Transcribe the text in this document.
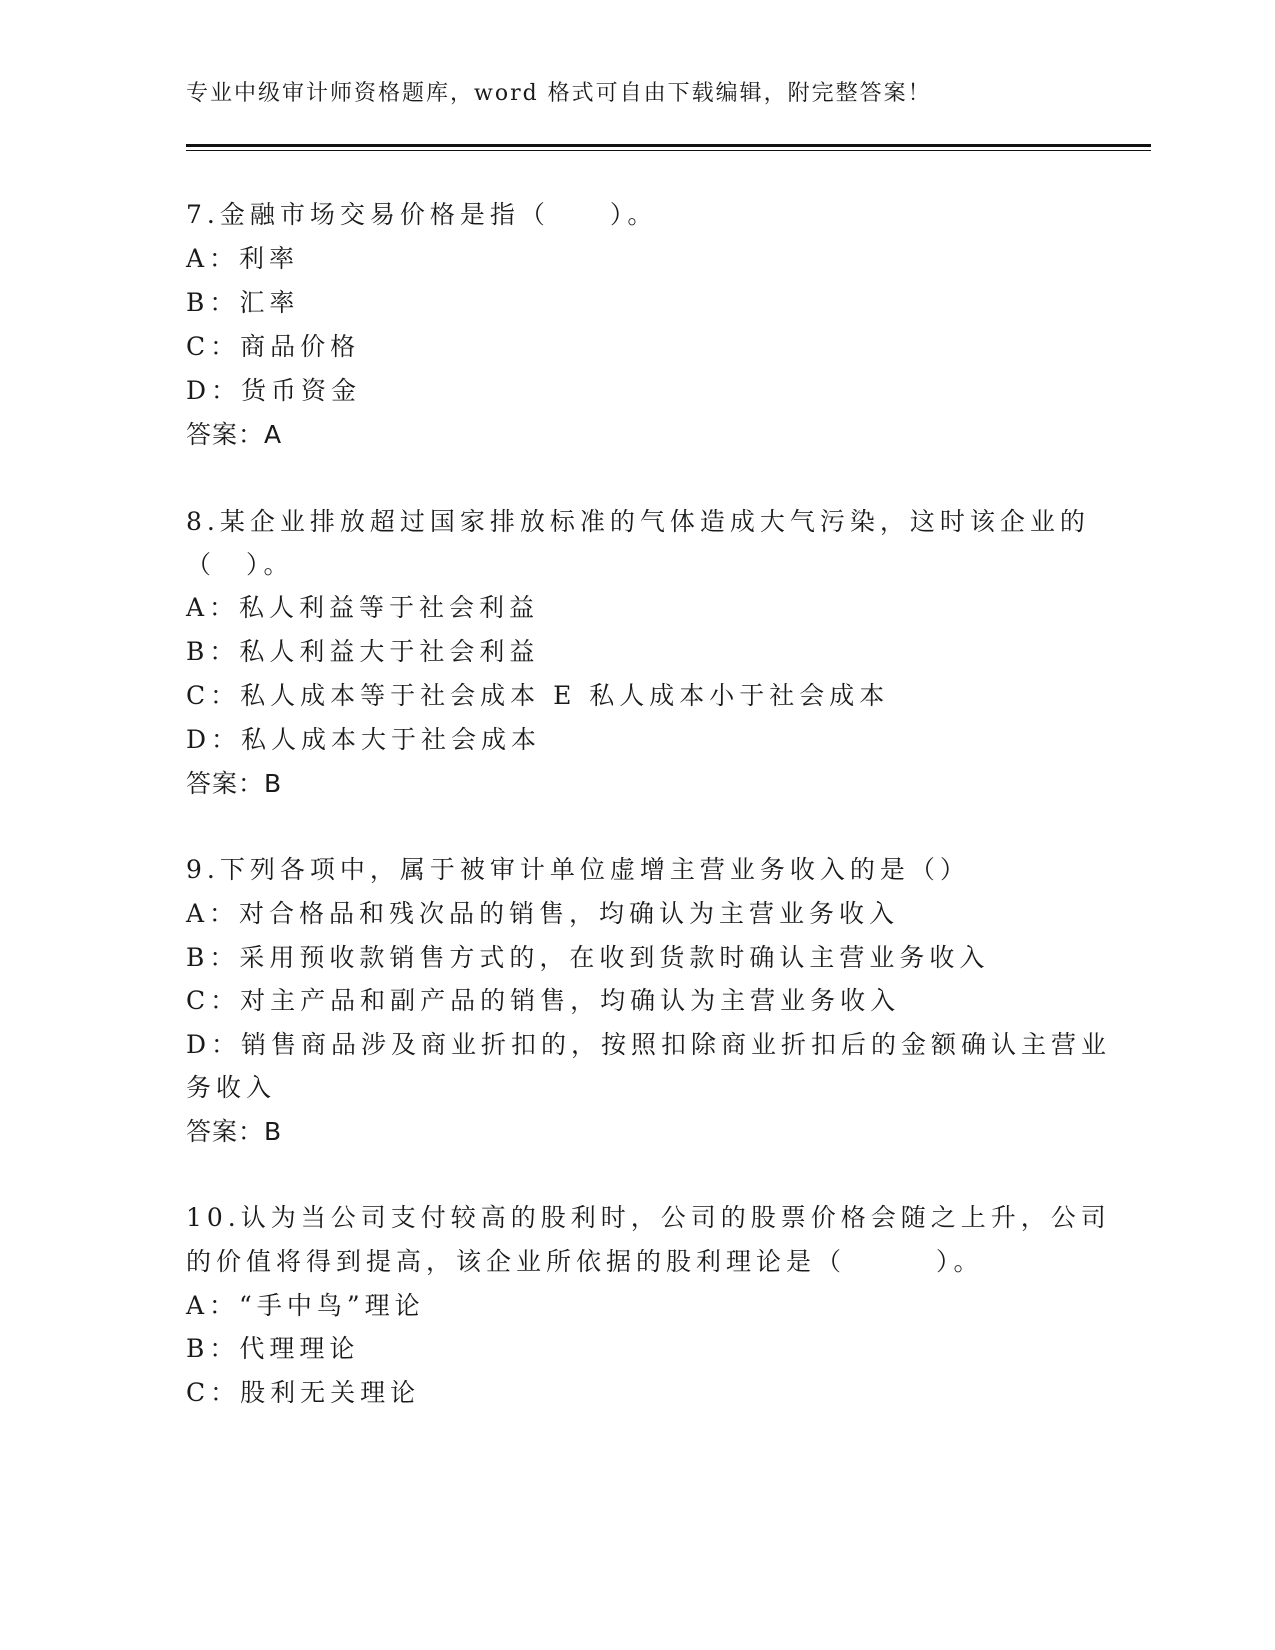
专业中级审计师资格题库，word 格式可自由下载编辑，附完整答案！
7.金融市场交易价格是指（　　）。
A：利率
B：汇率
C：商品价格
D：货币资金
答案：A
8.某企业排放超过国家排放标准的气体造成大气污染，这时该企业的
（　）。
A：私人利益等于社会利益
B：私人利益大于社会利益
C：私人成本等于社会成本 E 私人成本小于社会成本
D：私人成本大于社会成本
答案：B
9.下列各项中，属于被审计单位虚增主营业务收入的是（）
A：对合格品和残次品的销售，均确认为主营业务收入
B：采用预收款销售方式的，在收到货款时确认主营业务收入
C：对主产品和副产品的销售，均确认为主营业务收入
D：销售商品涉及商业折扣的，按照扣除商业折扣后的金额确认主营业
务收入
答案：B
10.认为当公司支付较高的股利时，公司的股票价格会随之上升，公司
的价值将得到提高，该企业所依据的股利理论是（　　　）。
A：“手中鸟”理论
B：代理理论
C：股利无关理论
